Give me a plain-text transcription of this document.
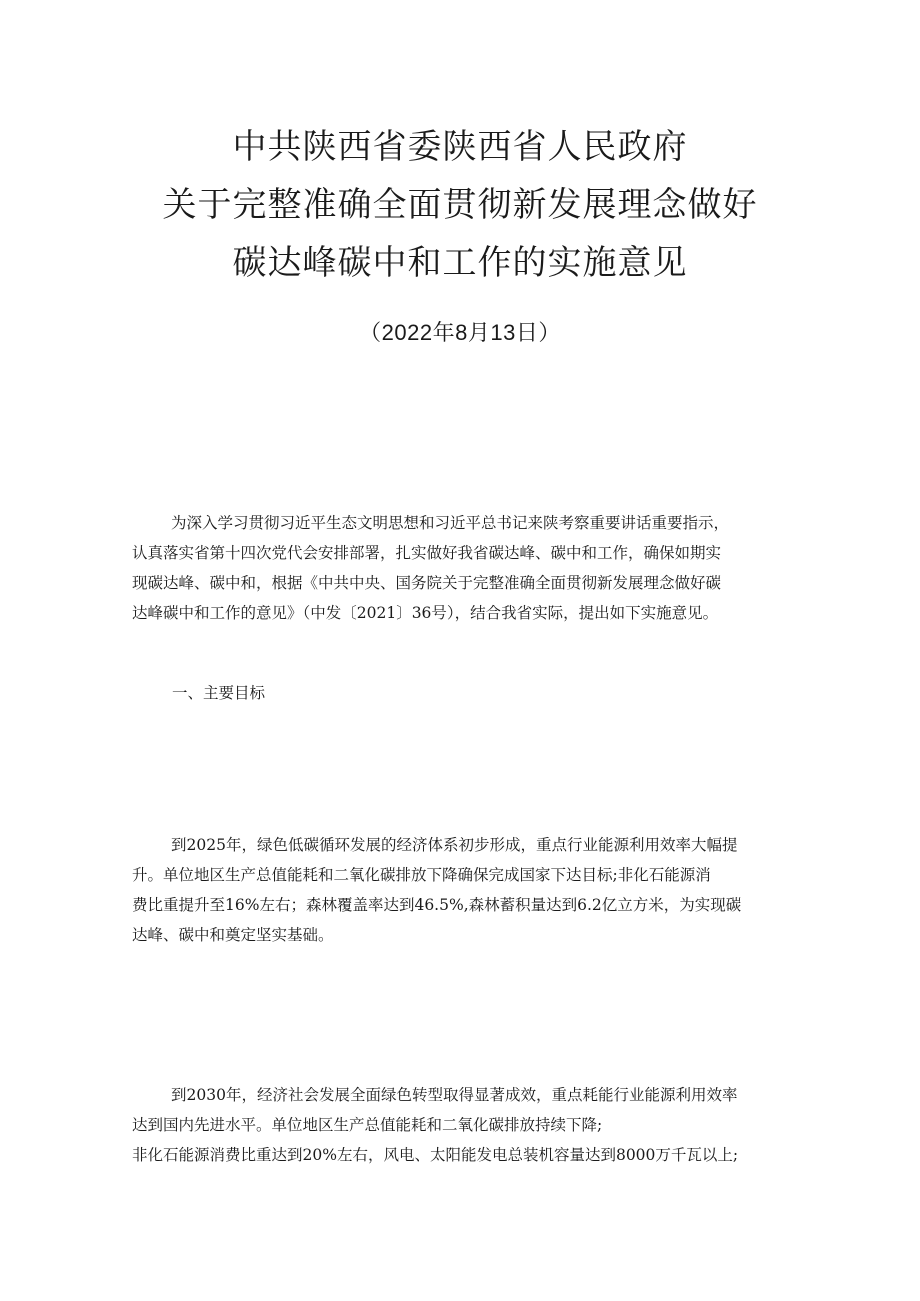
中共陕西省委陕西省人民政府
关于完整准确全面贯彻新发展理念做好
碳达峰碳中和工作的实施意见
（2022年8月13日）
为深入学习贯彻习近平生态文明思想和习近平总书记来陕考察重要讲话重要指示，
认真落实省第十四次党代会安排部署，扎实做好我省碳达峰、碳中和工作，确保如期实
现碳达峰、碳中和，根据《中共中央、国务院关于完整准确全面贯彻新发展理念做好碳
达峰碳中和工作的意见》（中发〔2021〕36号），结合我省实际，提出如下实施意见。
一、主要目标
到2025年，绿色低碳循环发展的经济体系初步形成，重点行业能源利用效率大幅提
升。单位地区生产总值能耗和二氧化碳排放下降确保完成国家下达目标;非化石能源消
费比重提升至16%左右；森林覆盖率达到46.5%,森林蓄积量达到6.2亿立方米，为实现碳
达峰、碳中和奠定坚实基础。
到2030年，经济社会发展全面绿色转型取得显著成效，重点耗能行业能源利用效率
达到国内先进水平。单位地区生产总值能耗和二氧化碳排放持续下降;
非化石能源消费比重达到20%左右，风电、太阳能发电总装机容量达到8000万千瓦以上;
